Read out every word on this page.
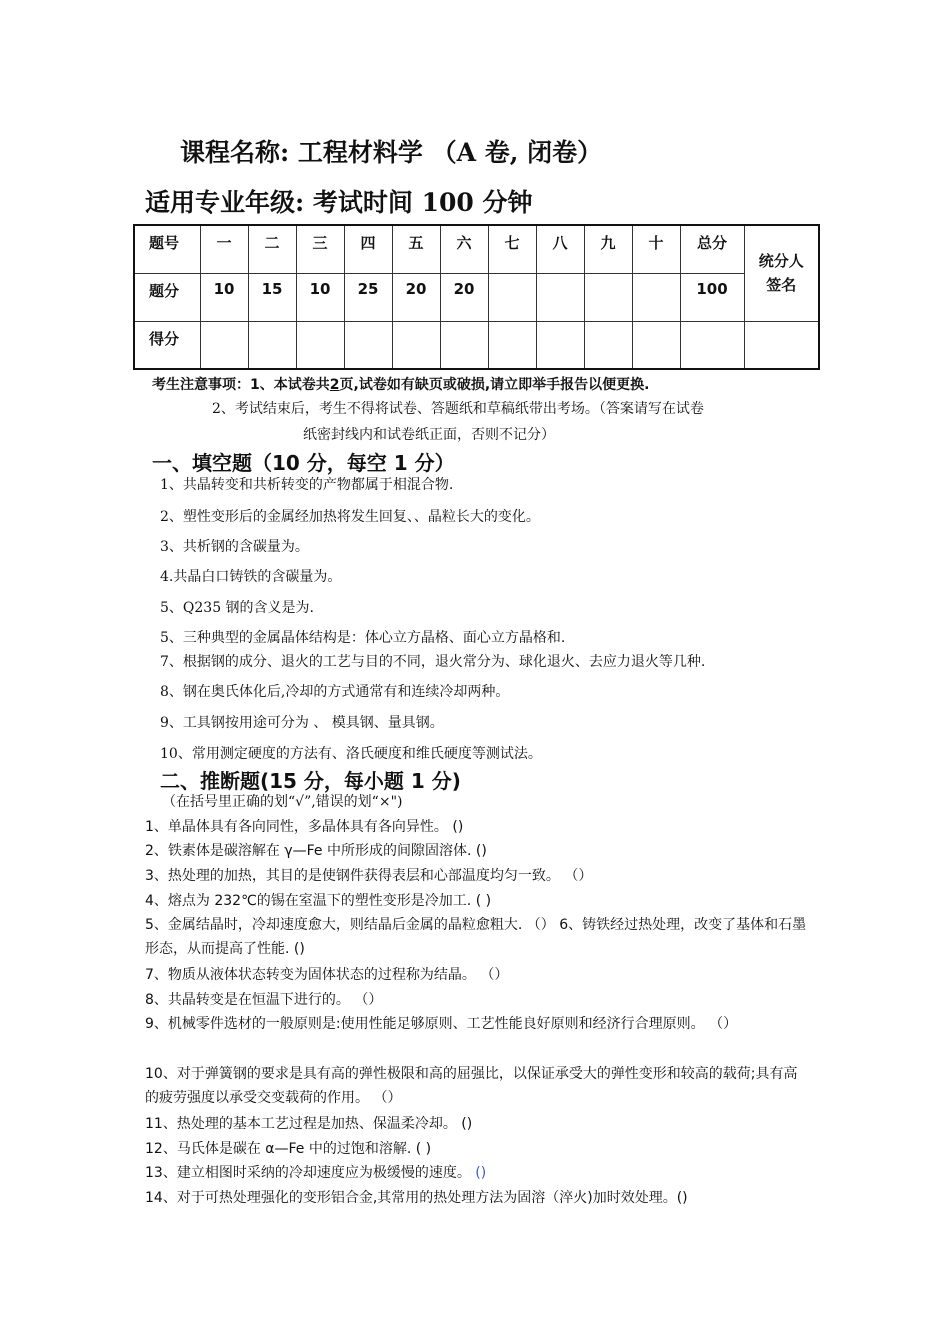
课程名称: 工程材料学 （A 卷, 闭卷）
适用专业年级: 考试时间 100 分钟
题号	一	二	三	四	五	六	七	八	九	十	总分	统分人
签名

题分	10	15	10	25	20	20					100	
得分												
考生注意事项：1、本试卷共2页,试卷如有缺页或破损,请立即举手报告以便更换.
2、考试结束后，考生不得将试卷、答题纸和草稿纸带出考场。（答案请写在试卷
纸密封线内和试卷纸正面，否则不记分）
一、填空题（10 分，每空 1 分）
1、共晶转变和共析转变的产物都属于相混合物.
2、塑性变形后的金属经加热将发生回复、、晶粒长大的变化。
3、共析钢的含碳量为。
4.共晶白口铸铁的含碳量为。
5、Q235 钢的含义是为.
5、三种典型的金属晶体结构是：体心立方晶格、面心立方晶格和.
7、根据钢的成分、退火的工艺与目的不同，退火常分为、球化退火、去应力退火等几种.
8、钢在奥氏体化后,冷却的方式通常有和连续冷却两种。
9、工具钢按用途可分为 、 模具钢、量具钢。
10、常用测定硬度的方法有、洛氏硬度和维氏硬度等测试法。
二、推断题(15 分，每小题 1 分)
（在括号里正确的划“√”,错误的划“×")
1、单晶体具有各向同性，多晶体具有各向异性。 ()
2、铁素体是碳溶解在 γ—Fe 中所形成的间隙固溶体. ()
3、热处理的加热，其目的是使钢件获得表层和心部温度均匀一致。 （）
4、熔点为 232℃的锡在室温下的塑性变形是冷加工. ( )
5、金属结晶时，冷却速度愈大，则结晶后金属的晶粒愈粗大. （） 6、铸铁经过热处理，改变了基体和石墨形态，从而提高了性能. ()
7、物质从液体状态转变为固体状态的过程称为结晶。 （）
8、共晶转变是在恒温下进行的。 （）
9、机械零件选材的一般原则是:使用性能足够原则、工艺性能良好原则和经济行合理原则。 （）
10、对于弹簧钢的要求是具有高的弹性极限和高的屈强比，以保证承受大的弹性变形和较高的载荷;具有高的疲劳强度以承受交变载荷的作用。 （）
11、热处理的基本工艺过程是加热、保温柔冷却。 ()
12、马氏体是碳在 α—Fe 中的过饱和溶解. ( )
13、建立相图时采纳的冷却速度应为极缓慢的速度。 ()
14、对于可热处理强化的变形铝合金,其常用的热处理方法为固溶（淬火)加时效处理。()
